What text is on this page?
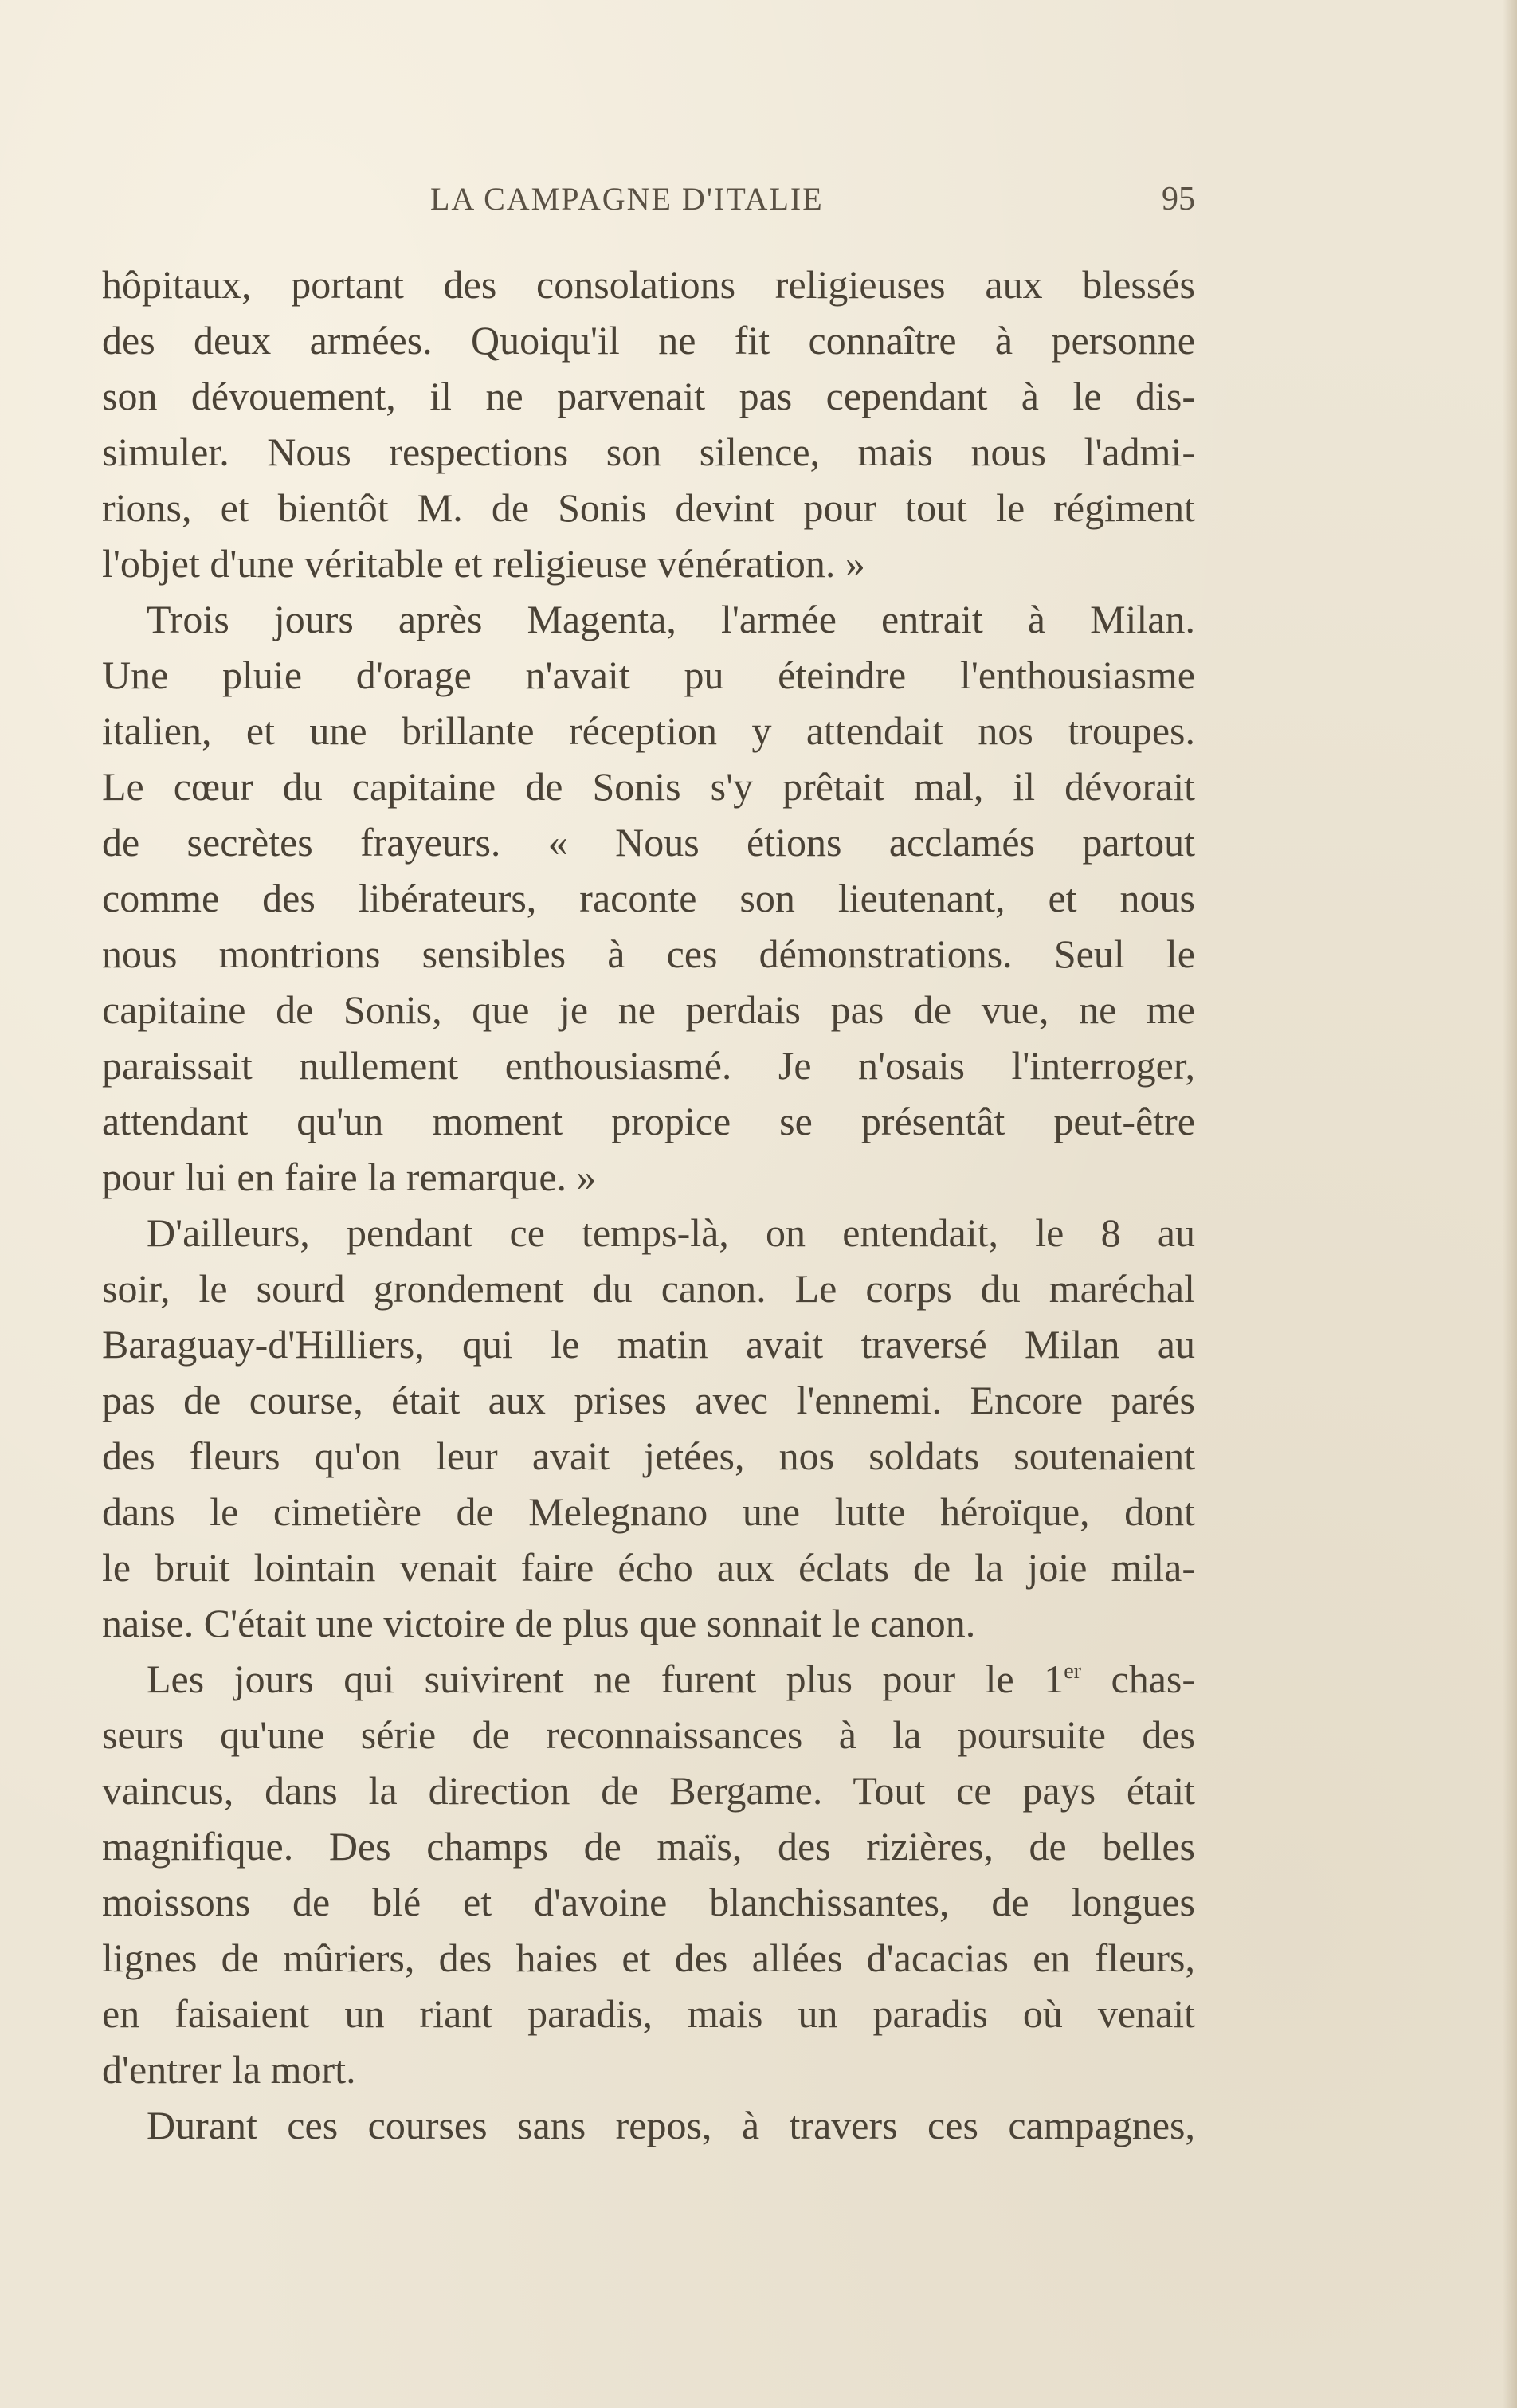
LA CAMPAGNE D'ITALIE	95
hôpitaux, portant des consolations religieuses aux blessés
des deux armées. Quoiqu'il ne fit connaître à personne
son dévouement, il ne parvenait pas cependant à le dis-
simuler. Nous respections son silence, mais nous l'admi-
rions, et bientôt M. de Sonis devint pour tout le régiment
l'objet d'une véritable et religieuse vénération. »
Trois jours après Magenta, l'armée entrait à Milan.
Une pluie d'orage n'avait pu éteindre l'enthousiasme
italien, et une brillante réception y attendait nos troupes.
Le cœur du capitaine de Sonis s'y prêtait mal, il dévorait
de secrètes frayeurs. « Nous étions acclamés partout
comme des libérateurs, raconte son lieutenant, et nous
nous montrions sensibles à ces démonstrations. Seul le
capitaine de Sonis, que je ne perdais pas de vue, ne me
paraissait nullement enthousiasmé. Je n'osais l'interroger,
attendant qu'un moment propice se présentât peut-être
pour lui en faire la remarque. »
D'ailleurs, pendant ce temps-là, on entendait, le 8 au
soir, le sourd grondement du canon. Le corps du maréchal
Baraguay-d'Hilliers, qui le matin avait traversé Milan au
pas de course, était aux prises avec l'ennemi. Encore parés
des fleurs qu'on leur avait jetées, nos soldats soutenaient
dans le cimetière de Melegnano une lutte héroïque, dont
le bruit lointain venait faire écho aux éclats de la joie mila-
naise. C'était une victoire de plus que sonnait le canon.
Les jours qui suivirent ne furent plus pour le 1er chas-
seurs qu'une série de reconnaissances à la poursuite des
vaincus, dans la direction de Bergame. Tout ce pays était
magnifique. Des champs de maïs, des rizières, de belles
moissons de blé et d'avoine blanchissantes, de longues
lignes de mûriers, des haies et des allées d'acacias en fleurs,
en faisaient un riant paradis, mais un paradis où venait
d'entrer la mort.
Durant ces courses sans repos, à travers ces campagnes,
